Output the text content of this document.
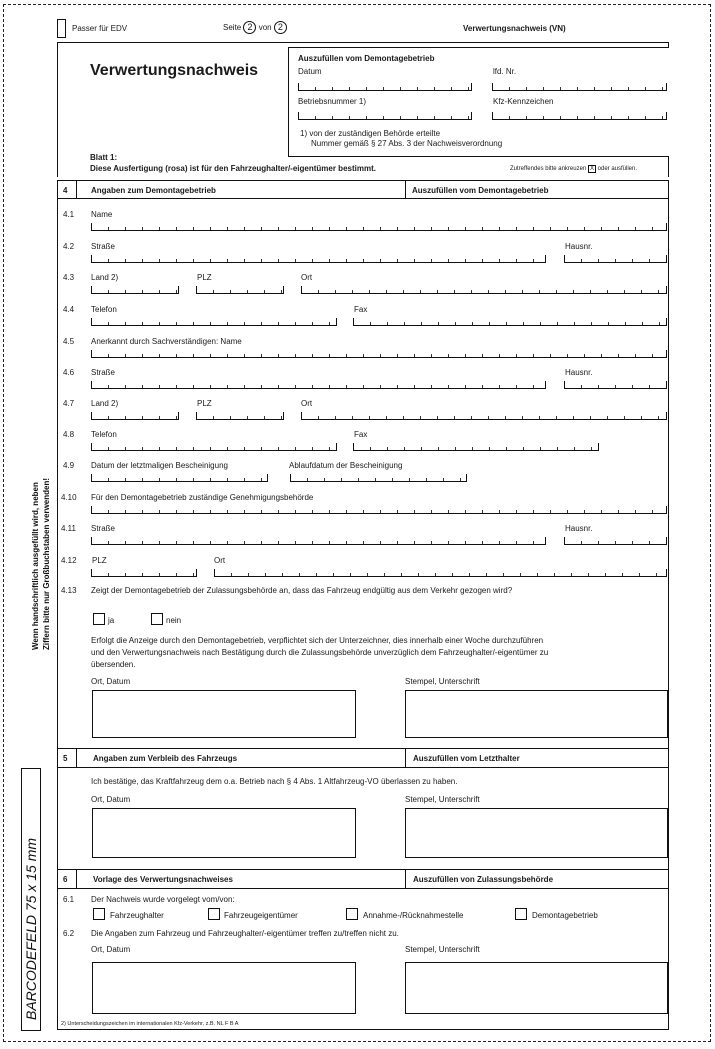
Passer für EDV	Seite 2 von 2	Verwertungsnachweis (VN)
Verwertungsnachweis
Auszufüllen vom Demontagebetrieb
Datum	lfd. Nr.
Betriebsnummer 1)	Kfz-Kennzeichen
1) von der zuständigen Behörde erteilte
Nummer gemäß § 27 Abs. 3 der Nachweisverordnung
Blatt 1:
Diese Ausfertigung (rosa) ist für den Fahrzeughalter/-eigentümer bestimmt.	Zutreffendes bitte ankreuzen X oder ausfüllen.
Wenn handschriftlich ausgefüllt wird, neben Ziffern bitte nur Großbuchstaben verwenden!
BARCODEFELD 75 x 15 mm
4	Angaben zum Demontagebetrieb	Auszufüllen vom Demontagebetrieb
4.1 Name
4.2 Straße	Hausnr.
4.3 Land 2)	PLZ	Ort
4.4 Telefon	Fax
4.5 Anerkannt durch Sachverständigen: Name
4.6 Straße	Hausnr.
4.7 Land 2)	PLZ	Ort
4.8 Telefon	Fax
4.9 Datum der letztmaligen Bescheinigung	Ablaufdatum der Bescheinigung
4.10 Für den Demontagebetrieb zuständige Genehmigungsbehörde
4.11 Straße	Hausnr.
4.12 PLZ	Ort
4.13 Zeigt der Demontagebetrieb der Zulassungsbehörde an, dass das Fahrzeug endgültig aus dem Verkehr gezogen wird?
ja	nein
Erfolgt die Anzeige durch den Demontagebetrieb, verpflichtet sich der Unterzeichner, dies innerhalb einer Woche durchzuführen
und den Verwertungsnachweis nach Bestätigung durch die Zulassungsbehörde unverzüglich dem Fahrzeughalter/-eigentümer zu
übersenden.
Ort, Datum	Stempel, Unterschrift
5	Angaben zum Verbleib des Fahrzeugs	Auszufüllen vom Letzthalter
Ich bestätige, das Kraftfahrzeug dem o.a. Betrieb nach § 4 Abs. 1 Altfahrzeug-VO überlassen zu haben.
Ort, Datum	Stempel, Unterschrift
6	Vorlage des Verwertungsnachweises	Auszufüllen von Zulassungsbehörde
6.1 Der Nachweis wurde vorgelegt vom/von:
Fahrzeughalter	Fahrzeugeigentümer	Annahme-/Rücknahmestelle	Demontagebetrieb
6.2 Die Angaben zum Fahrzeug und Fahrzeughalter/-eigentümer treffen zu/treffen nicht zu.
Ort, Datum	Stempel, Unterschrift
2) Unterscheidungszeichen im internationalen Kfz-Verkehr, z.B. NL F B A
